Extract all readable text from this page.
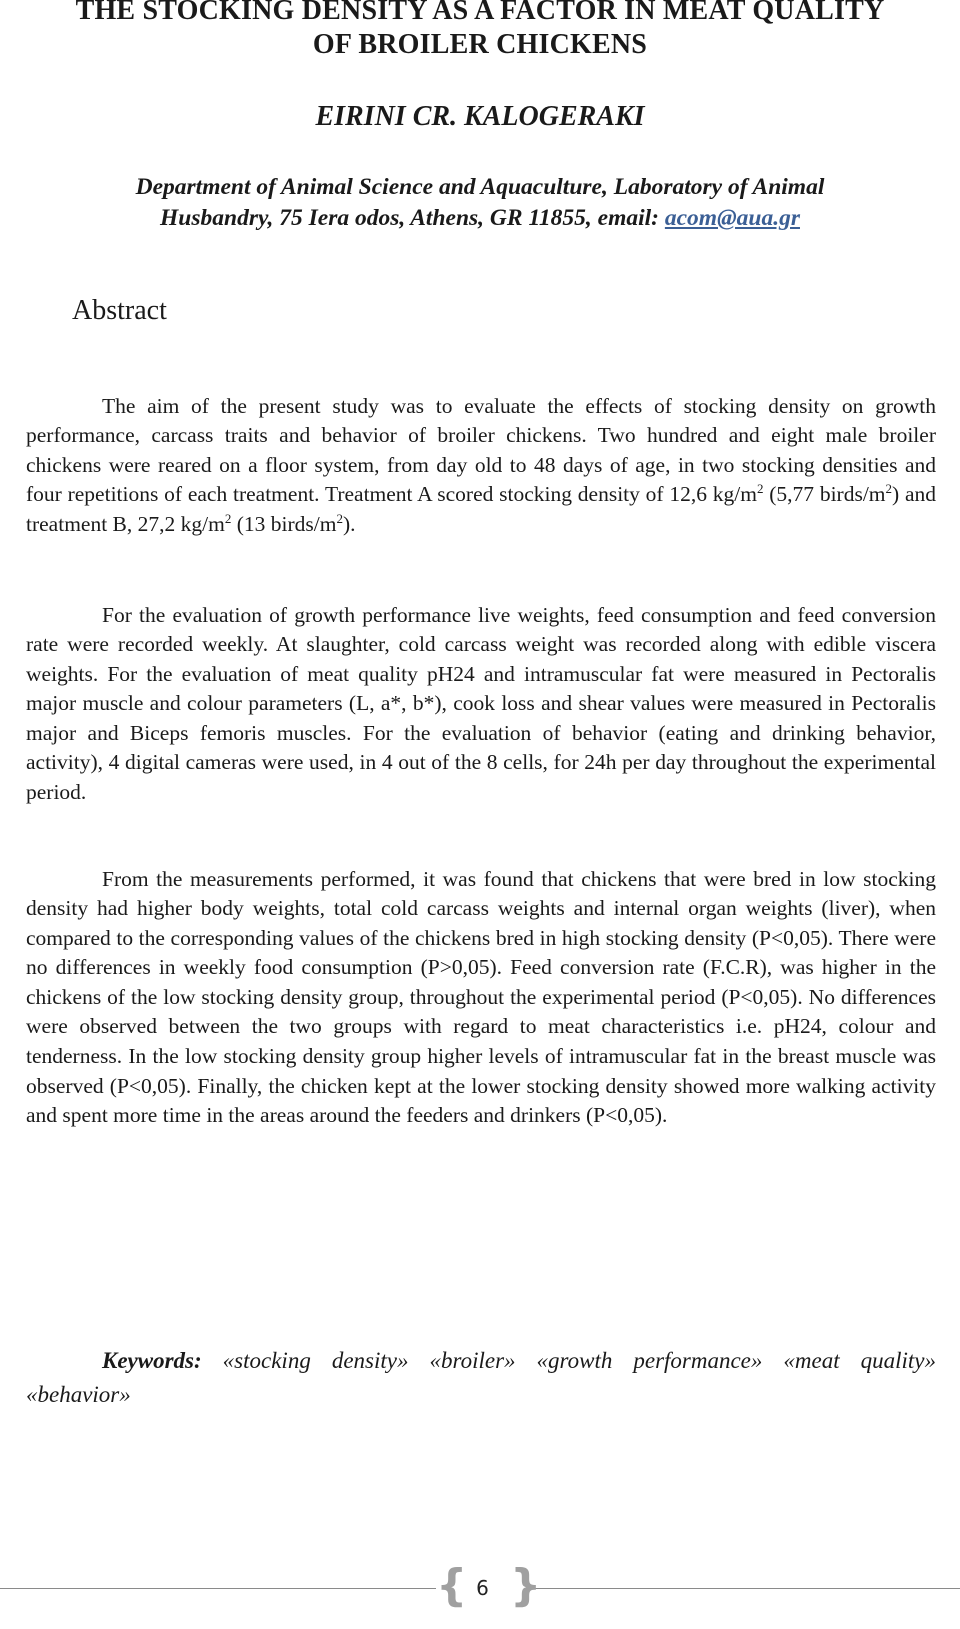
THE STOCKING DENSITY AS A FACTOR IN MEAT QUALITY
OF BROILER CHICKENS
EIRINI CR. KALOGERAKI
Department of Animal Science and Aquaculture, Laboratory of Animal
Husbandry, 75 Iera odos, Athens, GR 11855, email: acom@aua.gr
Abstract

The aim of the present study was to evaluate the effects of stocking density on growth performance, carcass traits and behavior of broiler chickens. Two hundred and eight male broiler chickens were reared on a floor system, from day old to 48 days of age, in two stocking densities and four repetitions of each treatment. Treatment A scored stocking density of 12,6 $kg/m^2$ (5,77 birds/$m^2$) and treatment B, 27,2 $kg/m^2$ (13 birds/$m^2$).

For the evaluation of growth performance live weights, feed consumption and feed conversion rate were recorded weekly. At slaughter, cold carcass weight was recorded along with edible viscera weights. For the evaluation of meat quality pH24 and intramuscular fat were measured in Pectoralis major muscle and colour parameters (L, a*, b*), cook loss and shear values were measured in Pectoralis major and Biceps femoris muscles. For the evaluation of behavior (eating and drinking behavior, activity), 4 digital cameras were used, in 4 out of the 8 cells, for 24h per day throughout the experimental period.

From the measurements performed, it was found that chickens that were bred in low stocking density had higher body weights, total cold carcass weights and internal organ weights (liver), when compared to the corresponding values of the chickens bred in high stocking density (P<0,05). There were no differences in weekly food consumption (P>0,05). Feed conversion rate (F.C.R), was higher in the chickens of the low stocking density group, throughout the experimental period (P<0,05). No differences were observed between the two groups with regard to meat characteristics i.e. pH24, colour and tenderness. In the low stocking density group higher levels of intramuscular fat in the breast muscle was observed (P<0,05). Finally, the chicken kept at the lower stocking density showed more walking activity and spent more time in the areas around the feeders and drinkers (P<0,05).

Keywords: «stocking density» «broiler» «growth performance» «meat quality» «behavior»

{ 6 }
